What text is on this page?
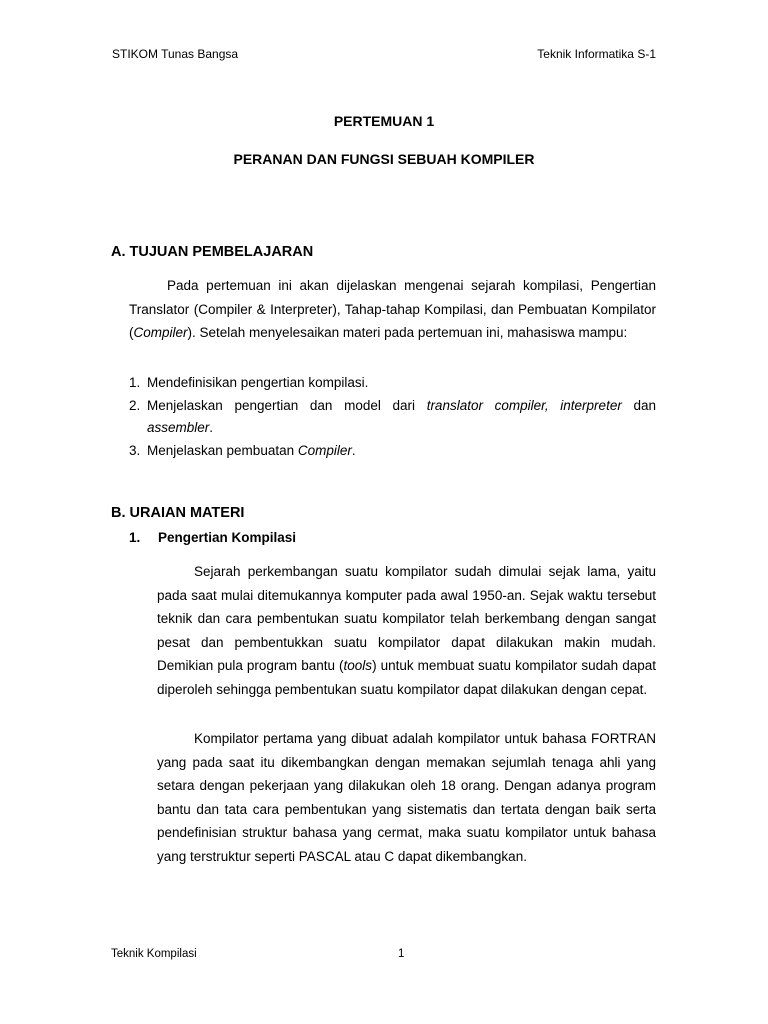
STIKOM Tunas Bangsa	Teknik Informatika S-1
PERTEMUAN 1
PERANAN DAN FUNGSI SEBUAH KOMPILER
A. TUJUAN PEMBELAJARAN

Pada pertemuan ini akan dijelaskan mengenai sejarah kompilasi, Pengertian Translator (Compiler & Interpreter), Tahap-tahap Kompilasi, dan Pembuatan Kompilator (Compiler). Setelah menyelesaikan materi pada pertemuan ini, mahasiswa mampu:

1. Mendefinisikan pengertian kompilasi.
2. Menjelaskan pengertian dan model dari translator compiler, interpreter dan assembler.
3. Menjelaskan pembuatan Compiler.
B. URAIAN MATERI
1. Pengertian Kompilasi

Sejarah perkembangan suatu kompilator sudah dimulai sejak lama, yaitu pada saat mulai ditemukannya komputer pada awal 1950-an. Sejak waktu tersebut teknik dan cara pembentukan suatu kompilator telah berkembang dengan sangat pesat dan pembentukkan suatu kompilator dapat dilakukan makin mudah. Demikian pula program bantu (tools) untuk membuat suatu kompilator sudah dapat diperoleh sehingga pembentukan suatu kompilator dapat dilakukan dengan cepat.

Kompilator pertama yang dibuat adalah kompilator untuk bahasa FORTRAN yang pada saat itu dikembangkan dengan memakan sejumlah tenaga ahli yang setara dengan pekerjaan yang dilakukan oleh 18 orang. Dengan adanya program bantu dan tata cara pembentukan yang sistematis dan tertata dengan baik serta pendefinisian struktur bahasa yang cermat, maka suatu kompilator untuk bahasa yang terstruktur seperti PASCAL atau C dapat dikembangkan.

Teknik Kompilasi	1
